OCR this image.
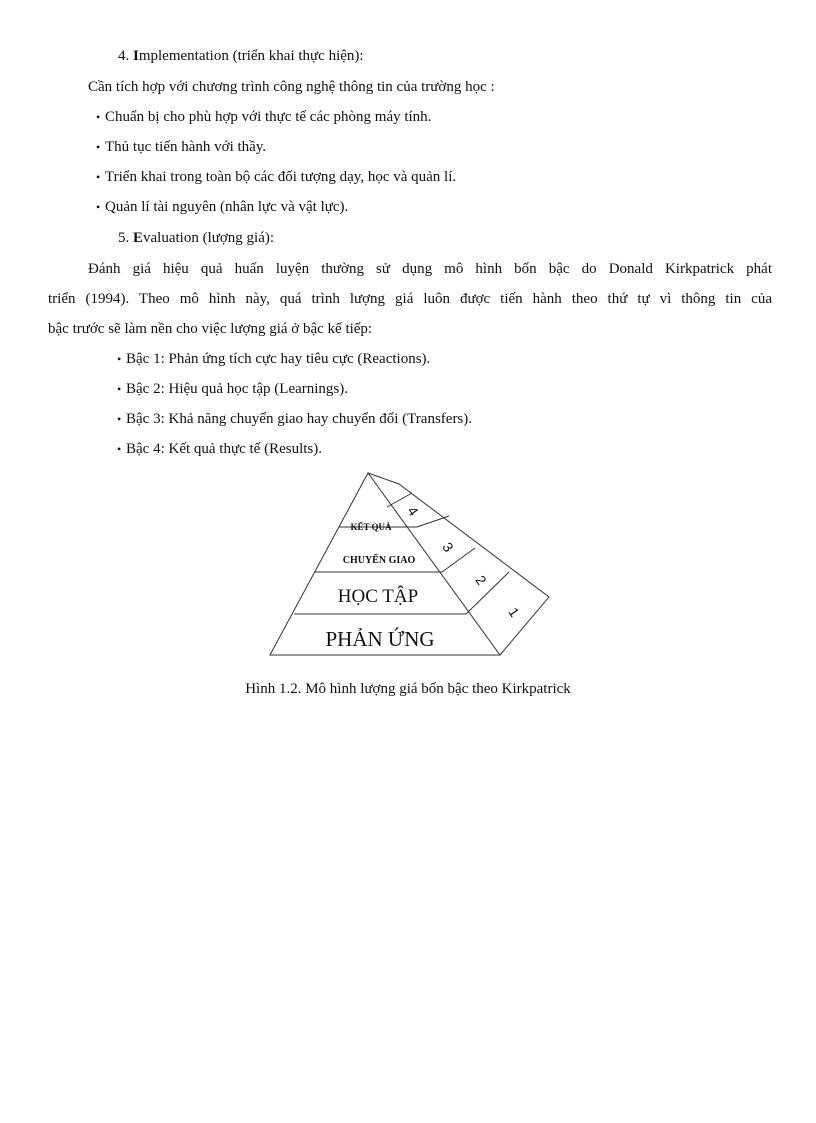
4. Implementation (triển khai thực hiện):
Cần tích hợp với chương trình công nghệ thông tin của trường học :
• Chuẩn bị cho phù hợp với thực tế các phòng máy tính.
• Thủ tục tiến hành với thầy.
• Triển khai trong toàn bộ các đối tượng dạy, học và quản lí.
• Quản lí tài nguyên (nhân lực và vật lực).
5. Evaluation (lượng giá):
Đánh giá hiệu quả huấn luyện thường sử dụng mô hình bốn bậc do Donald Kirkpatrick phát
triển (1994). Theo mô hình này, quá trình lượng giá luôn được tiến hành theo thứ tự vì thông tin của
bậc trước sẽ làm nền cho việc lượng giá ở bậc kế tiếp:
• Bậc 1: Phản ứng tích cực hay tiêu cực (Reactions).
• Bậc 2: Hiệu quả học tập (Learnings).
• Bậc 3: Khả năng chuyển giao hay chuyển đổi (Transfers).
• Bậc 4: Kết quả thực tế (Results).
KẾT QUẢ
CHUYỂN GIAO
HỌC TẬP
PHẢN ỨNG
4
3
2
1
Hình 1.2. Mô hình lượng giá bốn bậc theo Kirkpatrick
